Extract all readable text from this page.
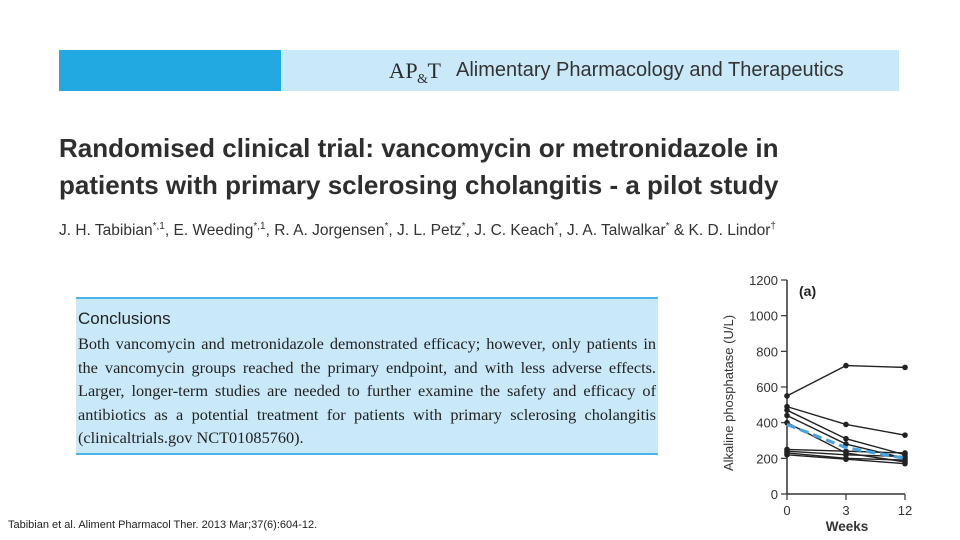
$AP_{\&}T$ Alimentary Pharmacology and Therapeutics
Randomised clinical trial: vancomycin or metronidazole in patients with primary sclerosing cholangitis - a pilot study
J. H. Tabibian$^{*,1}$, E. Weeding$^{*,1}$, R. A. Jorgensen*, J. L. Petz*, J. C. Keach*, J. A. Talwalkar* & K. D. Lindor†
Conclusions
Both vancomycin and metronidazole demonstrated efficacy; however, only patients in the vancomycin groups reached the primary endpoint, and with less adverse effects. Larger, longer-term studies are needed to further examine the safety and efficacy of antibiotics as a potential treatment for patients with primary sclerosing cholangitis (clinicaltrials.gov NCT01085760).
0
200
400
600
800
1000
1200
0	3	12
Weeks
Alkaline phosphatase (U/L)
(a)
Tabibian et al. Aliment Pharmacol Ther. 2013 Mar;37(6):604-12.
